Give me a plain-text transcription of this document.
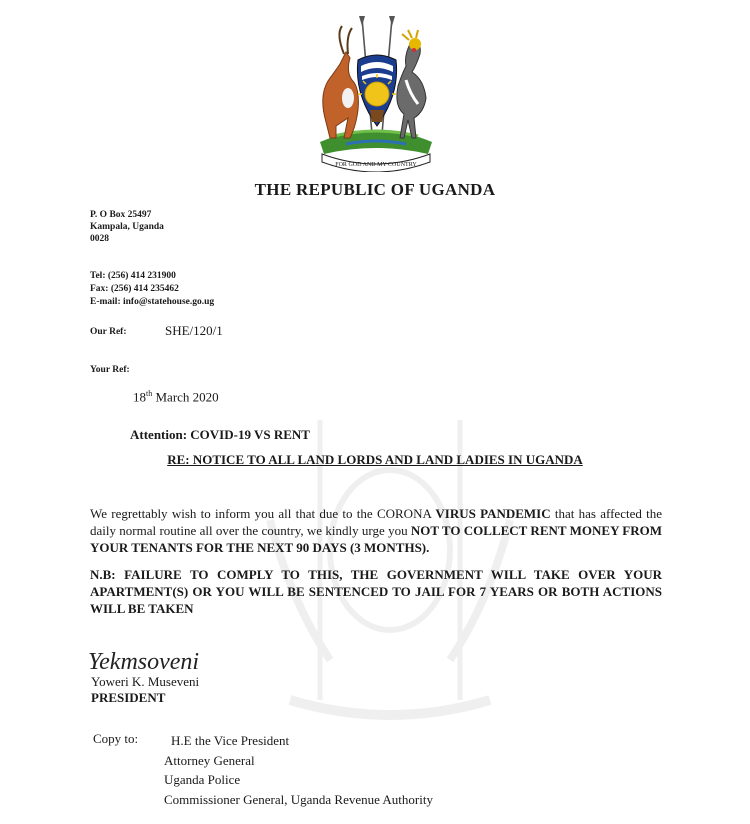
FOR GOD AND MY COUNTRY
THE REPUBLIC OF UGANDA
P. O Box 25497
Kampala, Uganda
0028
Tel: (256) 414 231900
Fax: (256) 414 235462
E-mail: info@statehouse.go.ug
Our Ref:	SHE/120/1
Your Ref:
18th March 2020
Attention: COVID-19 VS RENT
RE: NOTICE TO ALL LAND LORDS AND LAND LADIES IN UGANDA
We regrettably wish to inform you all that due to the CORONA VIRUS PANDEMIC that has affected the daily normal routine all over the country, we kindly urge you NOT TO COLLECT RENT MONEY FROM YOUR TENANTS FOR THE NEXT 90 DAYS (3 MONTHS).
N.B: FAILURE TO COMPLY TO THIS, THE GOVERNMENT WILL TAKE OVER YOUR APARTMENT(S) OR YOU WILL BE SENTENCED TO JAIL FOR 7 YEARS OR BOTH ACTIONS WILL BE TAKEN
Yekmsoveni
Yoweri K. Museveni
PRESIDENT
Copy to:	H.E the Vice President
Attorney General
Uganda Police
Commissioner General, Uganda Revenue Authority
